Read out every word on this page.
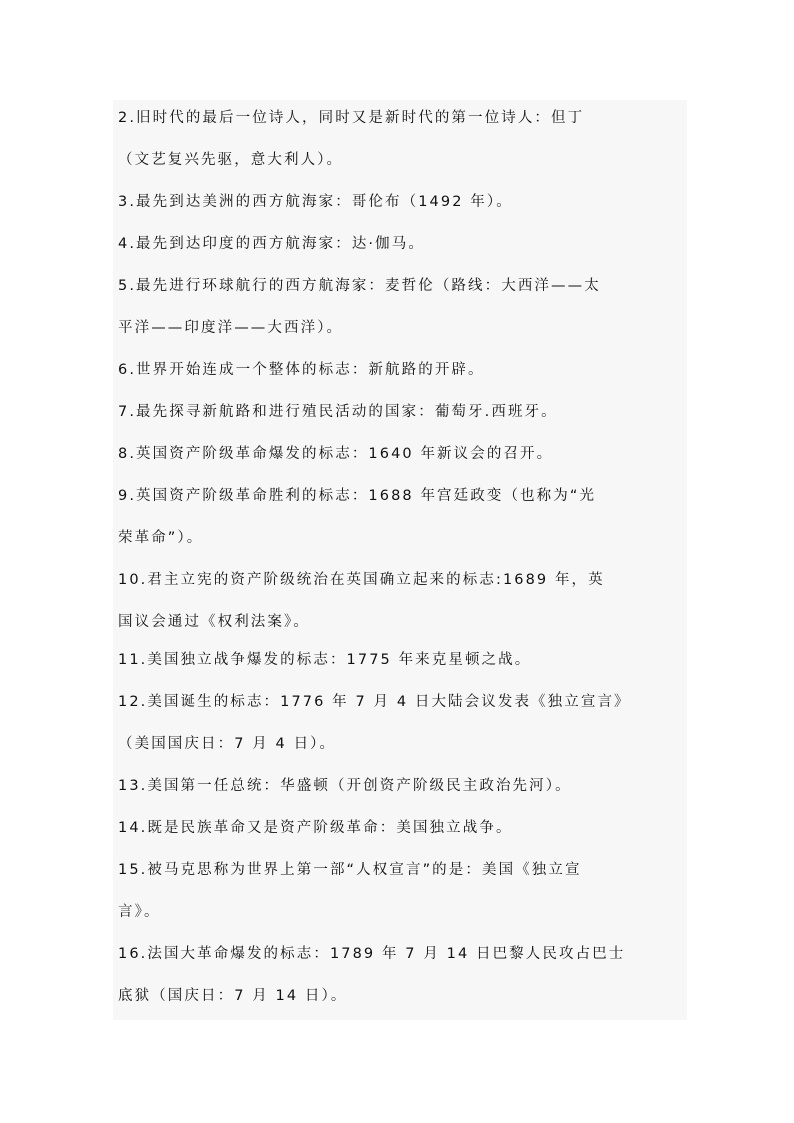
2.旧时代的最后一位诗人，同时又是新时代的第一位诗人：但丁
（文艺复兴先驱，意大利人）。
3.最先到达美洲的西方航海家：哥伦布（1492 年）。
4.最先到达印度的西方航海家：达·伽马。
5.最先进行环球航行的西方航海家：麦哲伦（路线：大西洋——太
平洋——印度洋——大西洋）。
6.世界开始连成一个整体的标志：新航路的开辟。
7.最先探寻新航路和进行殖民活动的国家：葡萄牙.西班牙。
8.英国资产阶级革命爆发的标志：1640 年新议会的召开。
9.英国资产阶级革命胜利的标志：1688 年宫廷政变（也称为“光
荣革命”）。
10.君主立宪的资产阶级统治在英国确立起来的标志:1689 年，英
国议会通过《权利法案》。
11.美国独立战争爆发的标志：1775 年来克星顿之战。
12.美国诞生的标志：1776 年 7 月 4 日大陆会议发表《独立宣言》
（美国国庆日：7 月 4 日）。
13.美国第一任总统：华盛顿（开创资产阶级民主政治先河）。
14.既是民族革命又是资产阶级革命：美国独立战争。
15.被马克思称为世界上第一部“人权宣言”的是：美国《独立宣
言》。
16.法国大革命爆发的标志：1789 年 7 月 14 日巴黎人民攻占巴士
底狱（国庆日：7 月 14 日）。
